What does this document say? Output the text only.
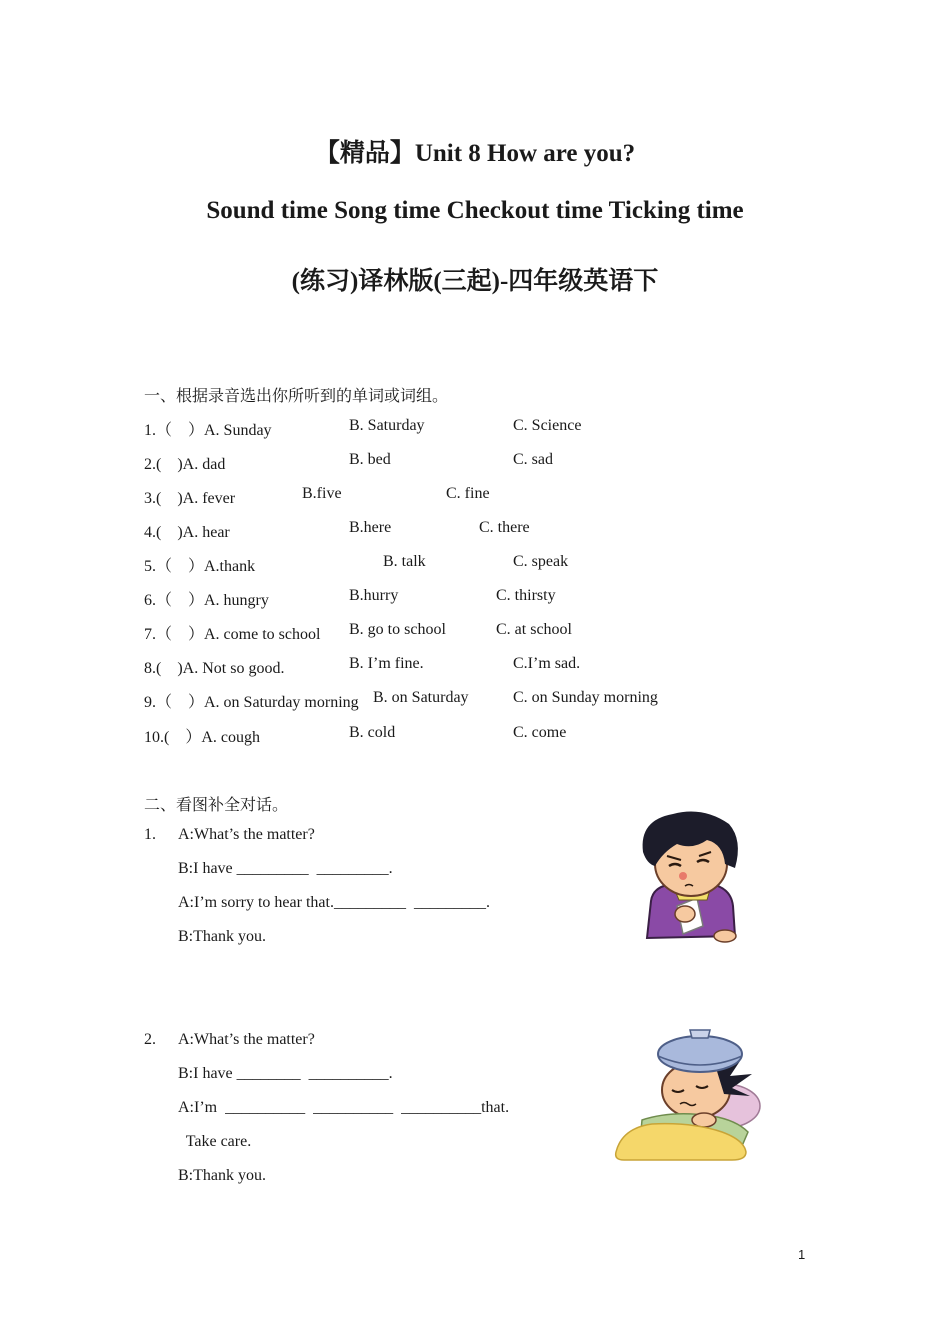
【精品】Unit 8 How are you?
Sound time Song time Checkout time Ticking time
(练习)译林版(三起)-四年级英语下
一、根据录音选出你所听到的单词或词组。
1.（　）A. Sunday	B. Saturday	C. Science
2.(　)A. dad	B. bed	C. sad
3.(　)A. fever	B.five	C. fine
4.(　)A. hear	B.here	C. there
5.（　）A.thank	B. talk	C. speak
6.（　）A. hungry	B.hurry	C. thirsty
7.（　）A. come to school B. go to school	C. at school
8.(　)A. Not so good.	B. I’m fine.	C.I’m sad.
9.（　）A. on Saturday morning B. on Saturday	C. on Sunday morning
10.(　）A. cough	B. cold	C. come
二、看图补全对话。
1. A:What’s the matter?
B:I have _________  _________.
A:I’m sorry to hear that._________  _________.
B:Thank you.
2. A:What’s the matter?
B:I have ________  __________.
A:I’m  __________  __________  __________that.
Take care.
B:Thank you.
1
